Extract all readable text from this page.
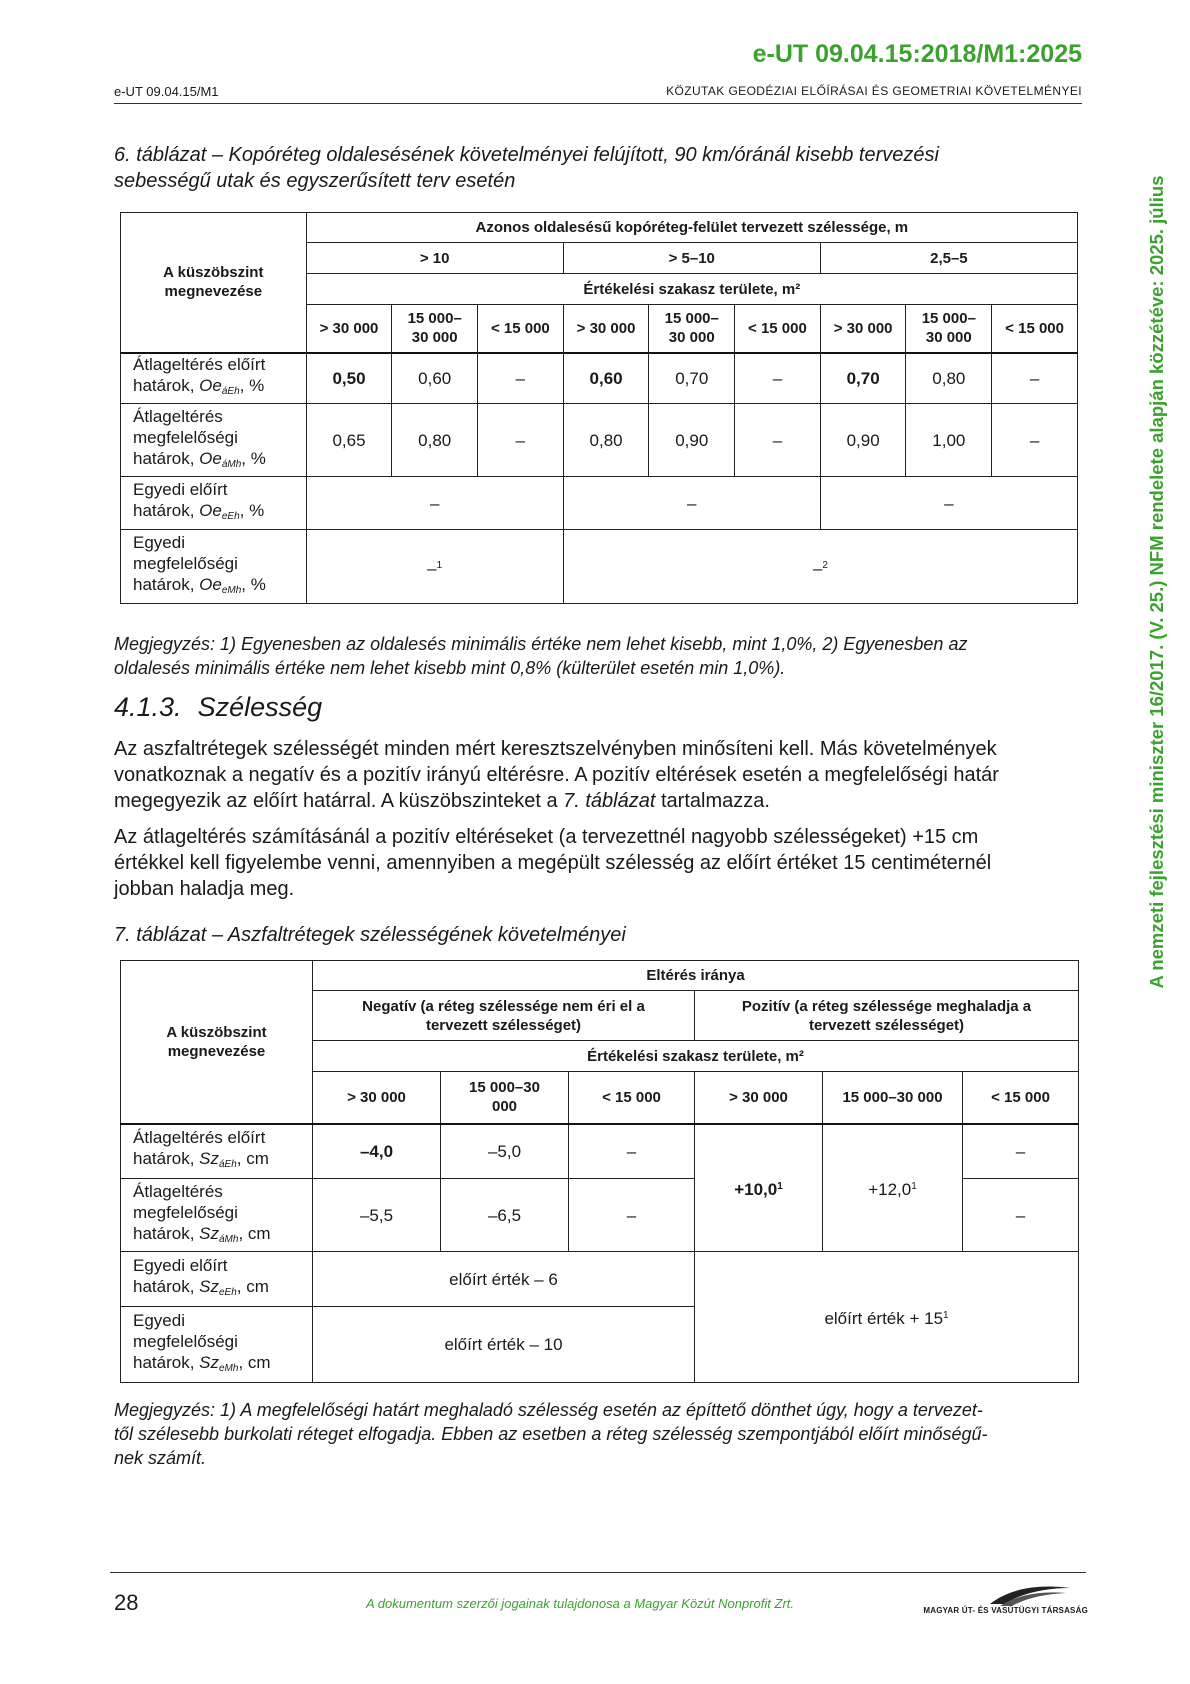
e-UT 09.04.15:2018/M1:2025
e-UT 09.04.15/M1	KÖZUTAK GEODÉZIAI ELŐÍRÁSAI ÉS GEOMETRIAI KÖVETELMÉNYEI
A nemzeti fejlesztési miniszter 16/2017. (V. 25.) NFM rendelete alapján közzétéve: 2025. július
6. táblázat – Kopóréteg oldalesésének követelményei felújított, 90 km/óránál kisebb tervezési
sebességű utak és egyszerűsített terv esetén
A küszöbszint megnevezése	Azonos oldalesésű kopóréteg-felület tervezett szélessége, m								
	> 10			> 5–10			2,5–5		
	Értékelési szakasz területe, m²								
	> 30 000	15 000–30 000	< 15 000	> 30 000	15 000–30 000	< 15 000	> 30 000	15 000–30 000	< 15 000
Átlageltérés előírt
határok, $Oe_{áEh}$, %	0,50	0,60	–	0,60	0,70	–	0,70	0,80	–
Átlageltérés
megfelelőségi
határok, $Oe_{áMh}$, %	0,65	0,80	–	0,80	0,90	–	0,90	1,00	–
Egyedi előírt
határok, $Oe_{eEh}$, %	–			–			–		
Egyedi
megfelelőségi
határok, $Oe_{eMh}$, %	–$^1$			–$^2$
Megjegyzés: 1) Egyenesben az oldalesés minimális értéke nem lehet kisebb, mint 1,0%, 2) Egyenesben az
oldalesés minimális értéke nem lehet kisebb mint 0,8% (külterület esetén min 1,0%).
4.1.3. Szélesség
Az aszfaltrétegek szélességét minden mért keresztszelvényben minősíteni kell. Más követelmények
vonatkoznak a negatív és a pozitív irányú eltérésre. A pozitív eltérések esetén a megfelelőségi határ
megegyezik az előírt határral. A küszöbszinteket a 7. táblázat tartalmazza.
Az átlageltérés számításánál a pozitív eltéréseket (a tervezettnél nagyobb szélességeket) +15 cm
értékkel kell figyelembe venni, amennyiben a megépült szélesség az előírt értéket 15 centiméternél
jobban haladja meg.
7. táblázat – Aszfaltrétegek szélességének követelményei
A küszöbszint megnevezése	Eltérés iránya					
	Negatív (a réteg szélessége nem éri el a tervezett szélességet)			Pozitív (a réteg szélessége meghaladja a tervezett szélességet)		
	Értékelési szakasz területe, m²					
	> 30 000	15 000–30 000	< 15 000	> 30 000	15 000–30 000	< 15 000
Átlageltérés előírt
határok, $Sz_{áEh}$, cm	–4,0	–5,0	–	$+10,0^1$	$+12,0^1$	–
Átlageltérés
megfelelőségi
határok, $Sz_{áMh}$, cm	–5,5	–6,5	–			–
Egyedi előírt
határok, $Sz_{eEh}$, cm	előírt érték – 6			előírt érték + $15^1$
Egyedi
megfelelőségi
határok, $Sz_{eMh}$, cm	előírt érték – 10					
Megjegyzés: 1) A megfelelőségi határt meghaladó szélesség esetén az építtető dönthet úgy, hogy a tervezet-
től szélesebb burkolati réteget elfogadja. Ebben az esetben a réteg szélesség szempontjából előírt minőségű-
nek számít.
28	A dokumentum szerzői jogainak tulajdonosa a Magyar Közút Nonprofit Zrt.	MAGYAR ÚT- ÉS VASÚTÜGYI TÁRSASÁG
